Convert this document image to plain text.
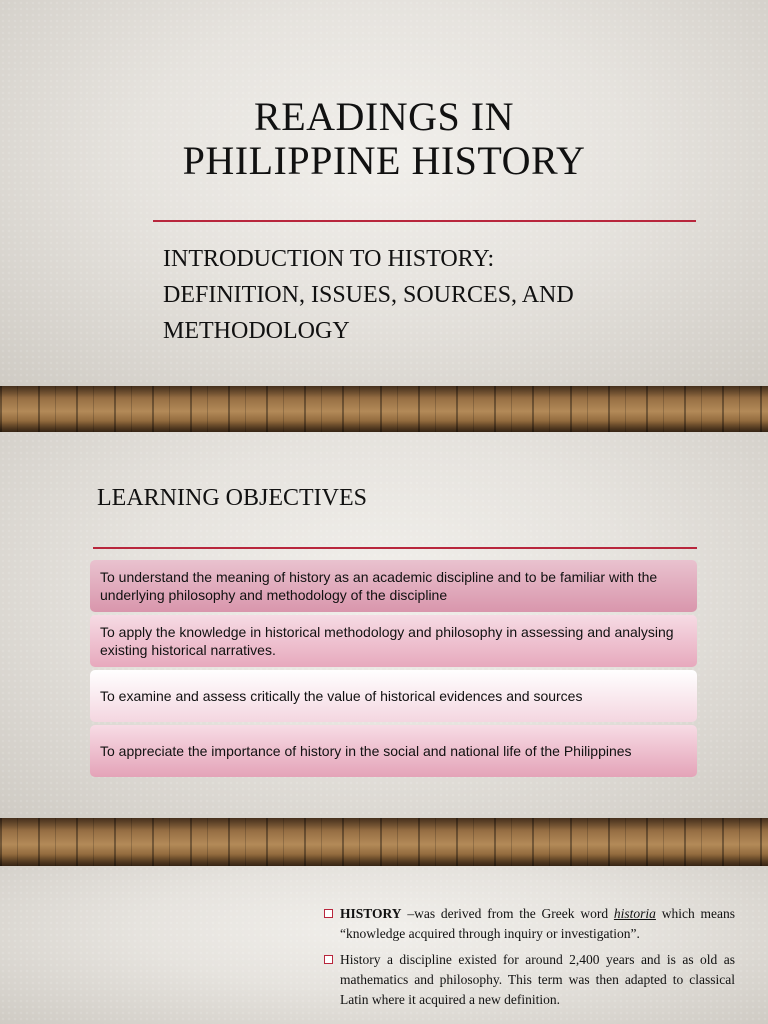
READINGS IN
PHILIPPINE HISTORY
INTRODUCTION TO HISTORY:
DEFINITION, ISSUES, SOURCES, AND
METHODOLOGY
LEARNING OBJECTIVES
To understand the meaning of history as an academic discipline and to be familiar with the underlying philosophy and methodology of the discipline
To apply the knowledge in historical methodology and philosophy in assessing and analysing existing historical narratives.
To examine and assess critically the value of historical evidences and sources
To appreciate the importance of history in the social and national life of the Philippines
HISTORY –was derived from the Greek word historia which means “knowledge acquired through inquiry or investigation”.
History a discipline existed for around 2,400 years and is as old as mathematics and philosophy. This term was then adapted to classical Latin where it acquired a new definition.
